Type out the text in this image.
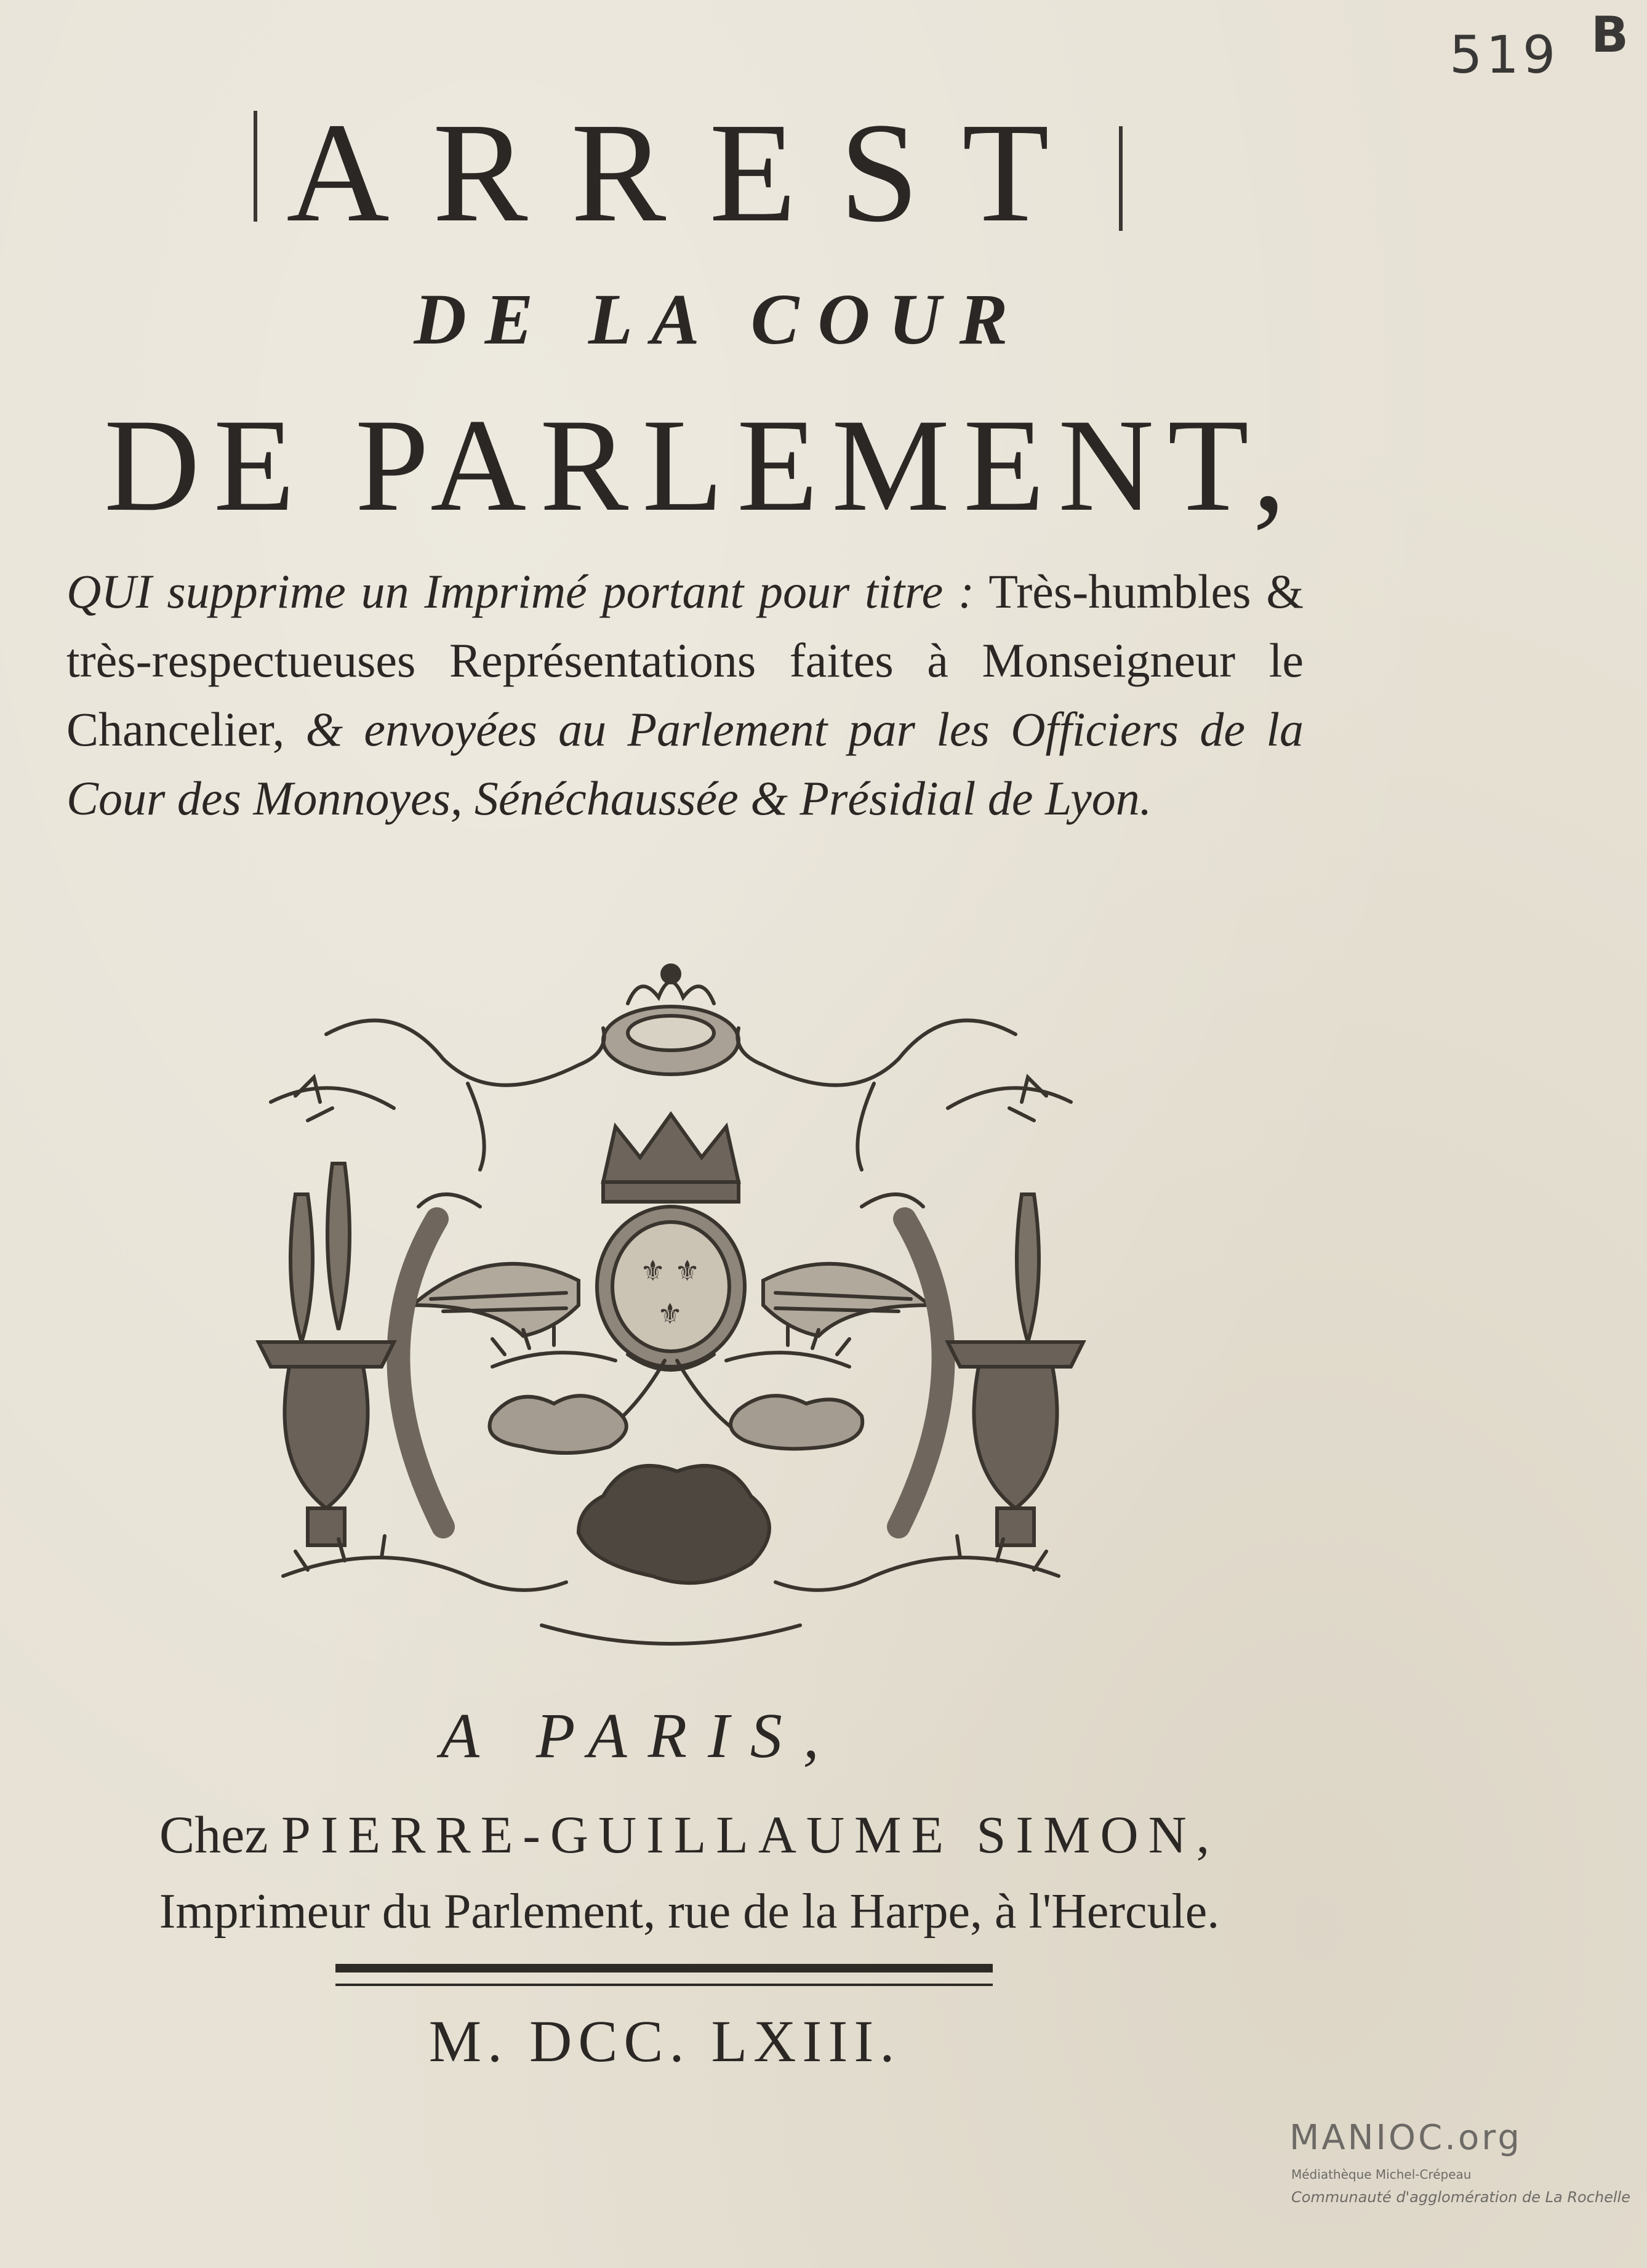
519 B
ARREST
DE LA COUR
DE PARLEMENT,
QUI supprime un Imprimé portant pour titre : Très-humbles & très-respectueuses Représentations faites à Monseigneur le Chancelier, & envoyées au Parlement par les Officiers de la Cour des Monnoyes, Sénéchaussée & Présidial de Lyon.
⚜ ⚜
⚜
A PARIS,
Chez PIERRE-GUILLAUME SIMON,
Imprimeur du Parlement, rue de la Harpe, à l'Hercule.
M. DCC. LXIII.
MANIOC.org
Médiathèque Michel-Crépeau
Communauté d'agglomération de La Rochelle
